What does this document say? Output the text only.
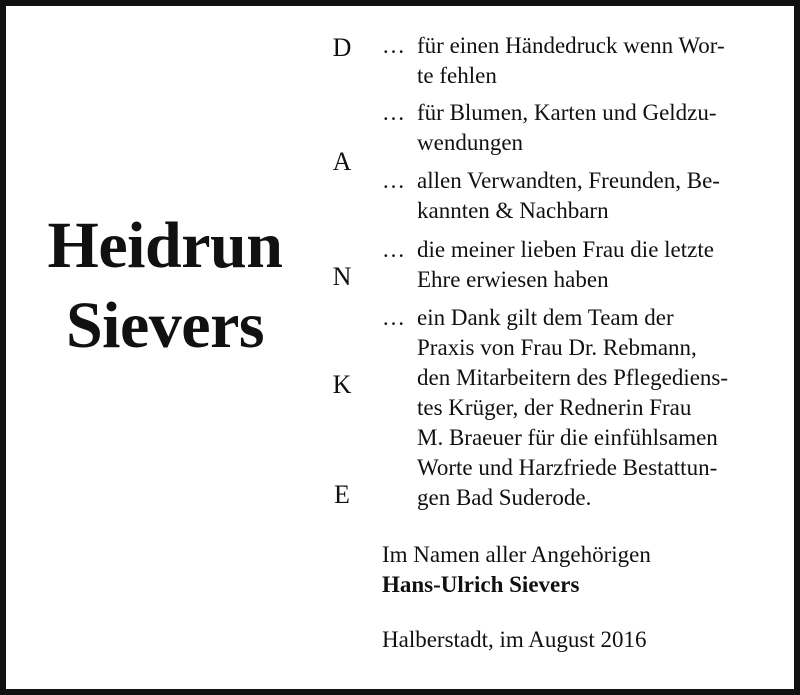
Heidrun
Sievers
D
A
N
K
E
… für einen Händedruck wenn Wor-
te fehlen
… für Blumen, Karten und Geldzu-
wendungen
… allen Verwandten, Freunden, Be-
kannten & Nachbarn
… die meiner lieben Frau die letzte
Ehre erwiesen haben
… ein Dank gilt dem Team der
Praxis von Frau Dr. Rebmann,
den Mitarbeitern des Pflegediens-
tes Krüger, der Rednerin Frau
M. Braeuer für die einfühlsamen
Worte und Harzfriede Bestattun-
gen Bad Suderode.
Im Namen aller Angehörigen
Hans-Ulrich Sievers
Halberstadt, im August 2016
